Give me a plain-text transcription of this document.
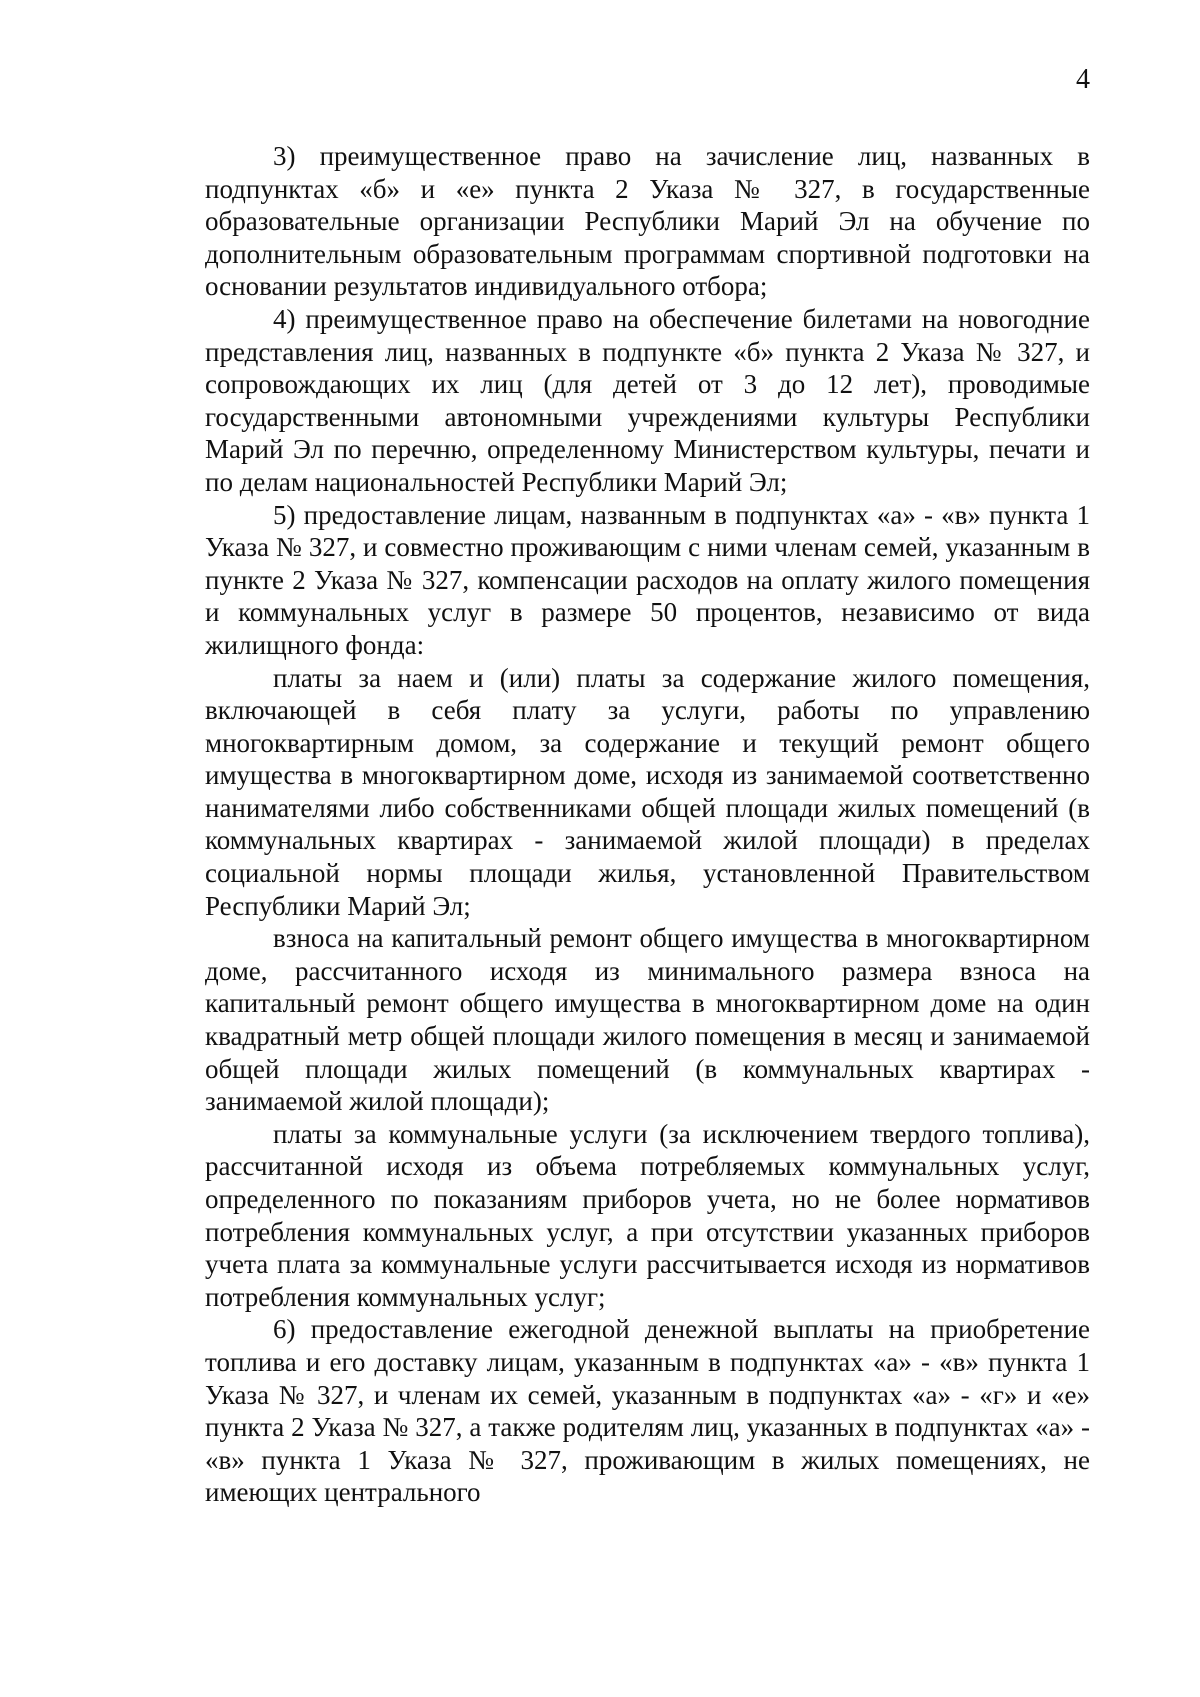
4

3) преимущественное право на зачисление лиц, названных в подпунктах «б» и «е» пункта 2 Указа № 327, в государственные образовательные организации Республики Марий Эл на обучение по дополнительным образовательным программам спортивной подготовки на основании результатов индивидуального отбора;

4) преимущественное право на обеспечение билетами на новогодние представления лиц, названных в подпункте «б» пункта 2 Указа № 327, и сопровождающих их лиц (для детей от 3 до 12 лет), проводимые государственными автономными учреждениями культуры Республики Марий Эл по перечню, определенному Министерством культуры, печати и по делам национальностей Республики Марий Эл;

5) предоставление лицам, названным в подпунктах «а» - «в» пункта 1 Указа № 327, и совместно проживающим с ними членам семей, указанным в пункте 2 Указа № 327, компенсации расходов на оплату жилого помещения и коммунальных услуг в размере 50 процентов, независимо от вида жилищного фонда:

платы за наем и (или) платы за содержание жилого помещения, включающей в себя плату за услуги, работы по управлению многоквартирным домом, за содержание и текущий ремонт общего имущества в многоквартирном доме, исходя из занимаемой соответственно нанимателями либо собственниками общей площади жилых помещений (в коммунальных квартирах - занимаемой жилой площади) в пределах социальной нормы площади жилья, установленной Правительством Республики Марий Эл;

взноса на капитальный ремонт общего имущества в многоквартирном доме, рассчитанного исходя из минимального размера взноса на капитальный ремонт общего имущества в многоквартирном доме на один квадратный метр общей площади жилого помещения в месяц и занимаемой общей площади жилых помещений (в коммунальных квартирах - занимаемой жилой площади);

платы за коммунальные услуги (за исключением твердого топлива), рассчитанной исходя из объема потребляемых коммунальных услуг, определенного по показаниям приборов учета, но не более нормативов потребления коммунальных услуг, а при отсутствии указанных приборов учета плата за коммунальные услуги рассчитывается исходя из нормативов потребления коммунальных услуг;

6) предоставление ежегодной денежной выплаты на приобретение топлива и его доставку лицам, указанным в подпунктах «а» - «в» пункта 1 Указа № 327, и членам их семей, указанным в подпунктах «а» - «г» и «е» пункта 2 Указа № 327, а также родителям лиц, указанных в подпунктах «а» - «в» пункта 1 Указа № 327, проживающим в жилых помещениях, не имеющих центрального
